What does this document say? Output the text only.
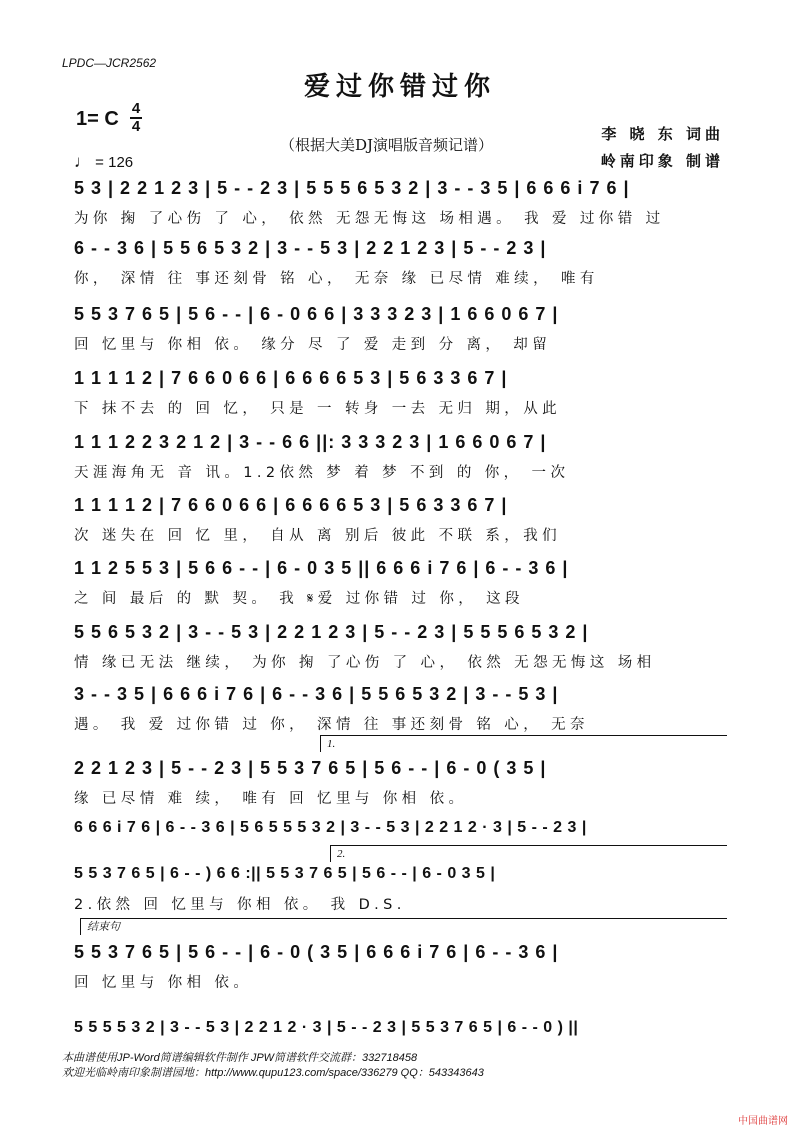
LPDC—JCR2562
爱过你错过你
1= C 4
4
（根据大美DJ演唱版音频记谱）
李 晓 东 词曲
岭南印象 制谱
♩ = 126
5 3 | 2 2 1 2 3 | 5 - - 2 3 | 5 5 5 6 5 3 2 | 3 - - 3 5 | 6 6 6 i 7 6 |
为你 掬 了心伤 了 心， 依然 无怨无悔这 场相遇。 我 爱 过你错 过
6 - - 3 6 | 5 5 6 5 3 2 | 3 - - 5 3 | 2 2 1 2 3 | 5 - - 2 3 |
你， 深情 往 事还刻骨 铭 心， 无奈 缘 已尽情 难续， 唯有
5 5 3 7 6 5 | 5 6 - - | 6 - 0 6 6 | 3 3 3 2 3 | 1 6 6 0 6 7 |
回 忆里与 你相 依。 缘分 尽 了 爱 走到 分 离， 却留
1 1 1 1 2 | 7 6 6 0 6 6 | 6 6 6 6 5 3 | 5 6 3 3 6 7 |
下 抹不去 的 回 忆， 只是 一 转身 一去 无归 期，从此
1 1 1 2 2 3 2 1 2 | 3 - - 6 6 ||: 3 3 3 2 3 | 1 6 6 0 6 7 |
天涯海角无 音 讯。1.2依然 梦 着 梦 不到 的 你， 一次
1 1 1 1 2 | 7 6 6 0 6 6 | 6 6 6 6 5 3 | 5 6 3 3 6 7 |
次 迷失在 回 忆 里， 自从 离 别后 彼此 不联 系，我们
1 1 2 5 5 3 | 5 6 6 - - | 6 - 0 3 5 || 6 6 6 i 7 6 | 6 - - 3 6 |
之 间 最后 的 默 契。 我 𝄋爱 过你错 过 你， 这段
5 5 6 5 3 2 | 3 - - 5 3 | 2 2 1 2 3 | 5 - - 2 3 | 5 5 5 6 5 3 2 |
情 缘已无法 继续， 为你 掬 了心伤 了 心， 依然 无怨无悔这 场相
3 - - 3 5 | 6 6 6 i 7 6 | 6 - - 3 6 | 5 5 6 5 3 2 | 3 - - 5 3 |
遇。 我 爱 过你错 过 你， 深情 往 事还刻骨 铭 心， 无奈
1.
2 2 1 2 3 | 5 - - 2 3 | 5 5 3 7 6 5 | 5 6 - - | 6 - 0 ( 3 5 |
缘 已尽情 难 续， 唯有 回 忆里与 你相 依。
6 6 6 i 7 6 | 6 - - 3 6 | 5 6 5 5 5 3 2 | 3 - - 5 3 | 2 2 1 2 · 3 | 5 - - 2 3 |
2.
5 5 3 7 6 5 | 6 - - ) 6 6 :|| 5 5 3 7 6 5 | 5 6 - - | 6 - 0 3 5 |
2.依然 回 忆里与 你相 依。 我 D.S.
结束句
5 5 3 7 6 5 | 5 6 - - | 6 - 0 ( 3 5 | 6 6 6 i 7 6 | 6 - - 3 6 |
回 忆里与 你相 依。
5 5 5 5 3 2 | 3 - - 5 3 | 2 2 1 2 · 3 | 5 - - 2 3 | 5 5 3 7 6 5 | 6 - - 0 ) ||
本曲谱使用JP-Word简谱编辑软件制作 JPW简谱软件交流群：332718458
欢迎光临岭南印象制谱园地：http://www.qupu123.com/space/336279 QQ：543343643
中国曲谱网
